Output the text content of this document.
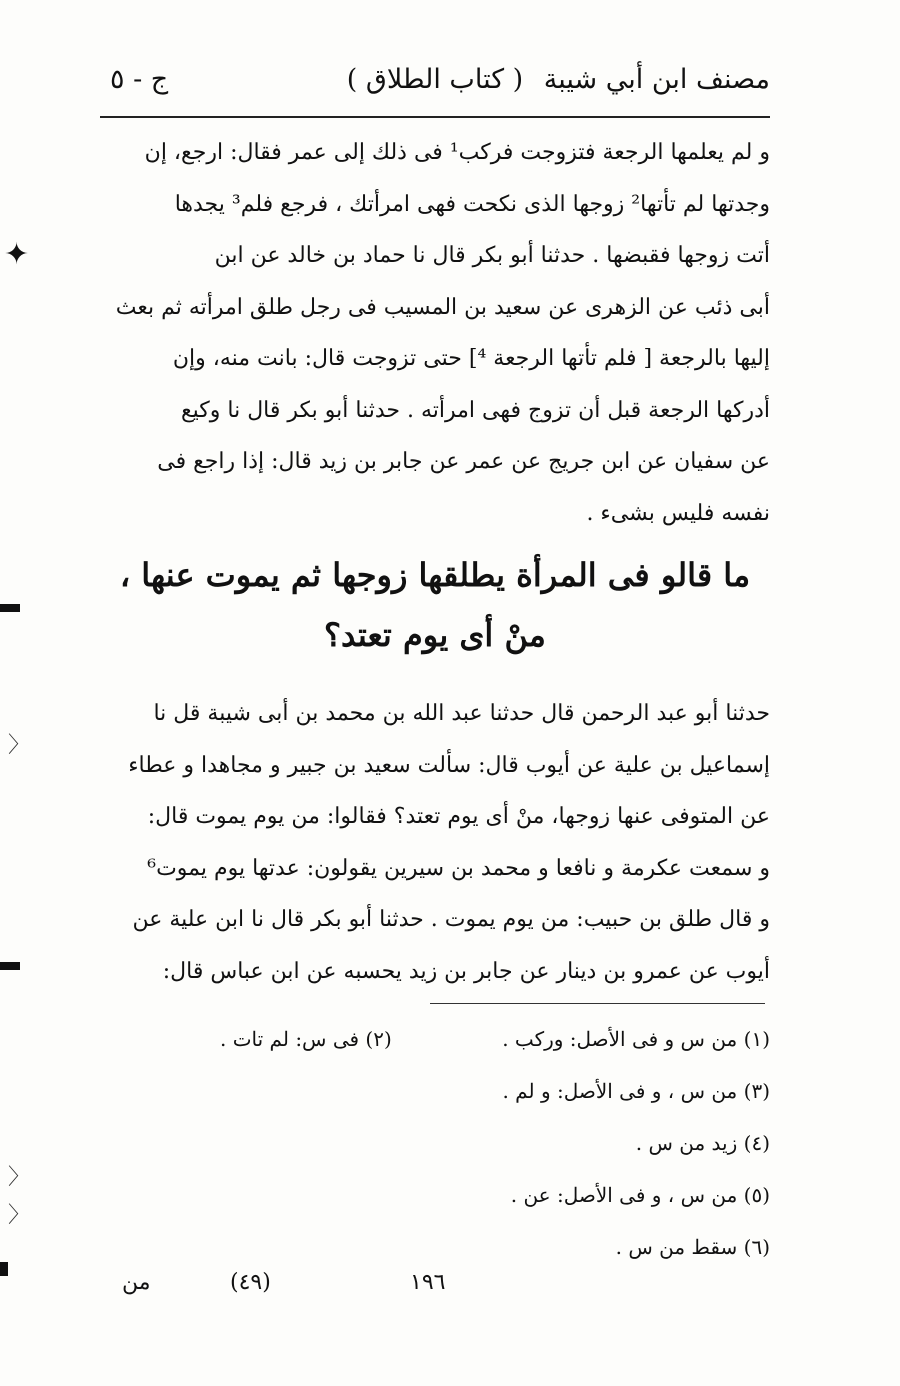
مصنف ابن أبي شيبة
( كتاب الطلاق )
ج - ٥

و لم يعلمها الرجعة فتزوجت فركب¹ فى ذلك إلى عمر فقال: ارجع، إن

وجدتها لم تأتها² زوجها الذى نكحت فهى امرأتك ، فرجع فلم³ يجدها

أتت زوجها فقبضها . حدثنا أبو بكر قال نا حماد بن خالد عن ابن

أبى ذئب عن الزهرى عن سعيد بن المسيب فى رجل طلق امرأته ثم بعث

إليها بالرجعة [ فلم تأتها الرجعة ⁴] حتى تزوجت قال: بانت منه، وإن

أدركها الرجعة قبل أن تزوج فهى امرأته . حدثنا أبو بكر قال نا وكيع

عن سفيان عن ابن جريج عن عمر عن جابر بن زيد قال: إذا راجع فى

نفسه فليس بشىء .

ما قالو فى المرأة يطلقها زوجها ثم يموت عنها ،
منْ أى يوم تعتد؟

حدثنا أبو عبد الرحمن قال حدثنا عبد الله بن محمد بن أبى شيبة قل نا

إسماعيل بن علية عن أيوب قال: سألت سعيد بن جبير و مجاهدا و عطاء

عن المتوفى عنها زوجها، منْ أى يوم تعتد؟ فقالوا: من يوم يموت قال:

و سمعت عكرمة و نافعا و محمد بن سيرين يقولون: عدتها يوم يموت⁶

و قال طلق بن حبيب: من يوم يموت . حدثنا أبو بكر قال نا ابن علية عن

أيوب عن عمرو بن دينار عن جابر بن زيد يحسبه عن ابن عباس قال:

(١) من س و فى الأصل: وركب .
(٢) فى س: لم تات .
(٣) من س ، و فى الأصل: و لم .
(٤) زيد من س .
(٥) من س ، و فى الأصل: عن .
(٦) سقط من س .
١٩٦
(٤٩)
من
✦
〉
〉
〉
